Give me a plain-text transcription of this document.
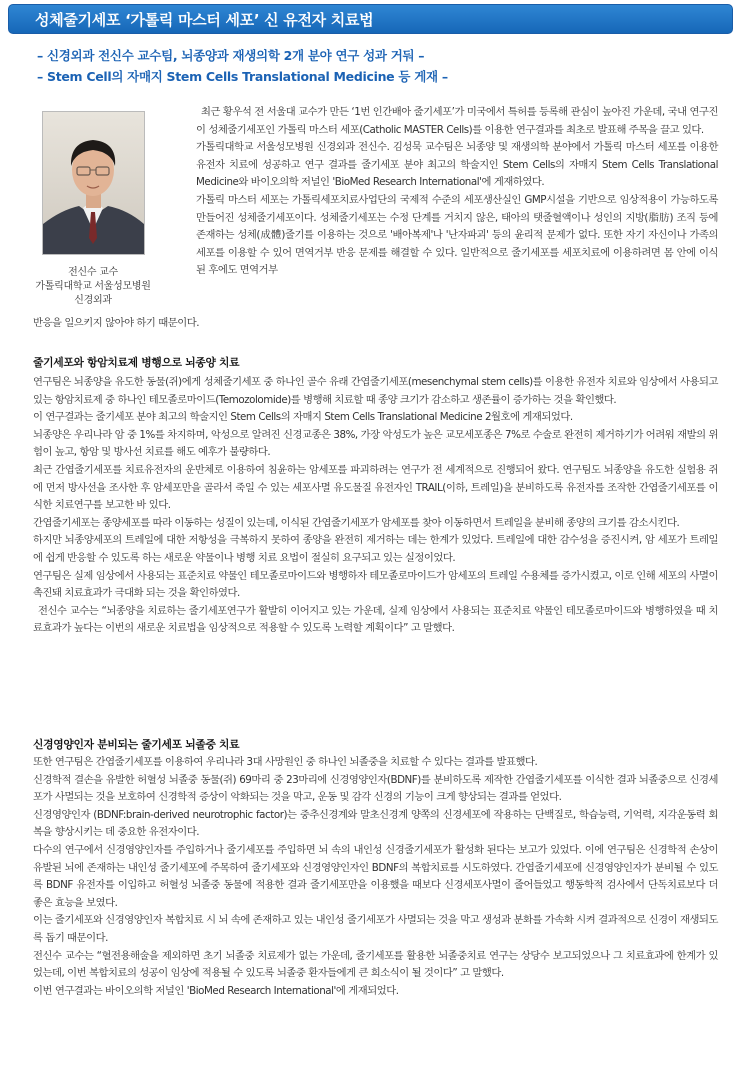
성체줄기세포 ‘가톨릭 마스터 세포’ 신 유전자 치료법
– 신경외과 전신수 교수팀, 뇌종양과 재생의학 2개 분야 연구 성과 거둬 –
– Stem Cell의 자매지 Stem Cells Translational Medicine 등 게재 –
전신수 교수
가톨릭대학교 서울성모병원
신경외과

최근 황우석 전 서울대 교수가 만든 ‘1번 인간배아 줄기세포’가 미국에서 특허를 등록해 관심이 높아진 가운데, 국내 연구진이 성체줄기세포인 가톨릭 마스터 세포(Catholic MASTER Cells)를 이용한 연구결과를 최초로 발표해 주목을 끌고 있다.

가톨릭대학교 서울성모병원 신경외과 전신수. 김성묵 교수팀은 뇌종양 및 재생의학 분야에서 가톨릭 마스터 세포를 이용한 유전자 치료에 성공하고 연구 결과를 줄기세포 분야 최고의 학술지인 Stem Cells의 자매지 Stem Cells Translational Medicine와 바이오의학 저널인 'BioMed Research International'에 게재하였다.

가톨릭 마스터 세포는 가톨릭세포치료사업단의 국제적 수준의 세포생산실인 GMP시설을 기반으로 임상적용이 가능하도록 만들어진 성체줄기세포이다. 성체줄기세포는 수정 단계를 거치지 않은, 태아의 탯줄혈액이나 성인의 지방(脂肪) 조직 등에 존재하는 성체(成體)줄기를 이용하는 것으로 '배아복제'나 '난자파괴' 등의 윤리적 문제가 없다. 또한 자기 자신이나 가족의 세포를 이용할 수 있어 면역거부 반응 문제를 해결할 수 있다. 일반적으로 줄기세포를 세포치료에 이용하려면 몸 안에 이식된 후에도 면역거부

반응을 일으키지 않아야 하기 때문이다.

줄기세포와 항암치료제 병행으로 뇌종양 치료

연구팀은 뇌종양을 유도한 동물(쥐)에게 성체줄기세포 중 하나인 골수 유래 간엽줄기세포(mesenchymal stem cells)를 이용한 유전자 치료와 임상에서 사용되고 있는 항암치료제 중 하나인 테모졸로마이드(Temozolomide)를 병행해 치료할 때 종양 크기가 감소하고 생존률이 증가하는 것을 확인했다.

이 연구결과는 줄기세포 분야 최고의 학술지인 Stem Cells의 자매지 Stem Cells Translational Medicine 2월호에 게재되었다.

뇌종양은 우리나라 암 중 1%를 차지하며, 악성으로 알려진 신경교종은 38%, 가장 악성도가 높은 교모세포종은 7%로 수술로 완전히 제거하기가 어려워 재발의 위험이 높고, 항암 및 방사선 치료를 해도 예후가 불량하다.

최근 간엽줄기세포를 치료유전자의 운반체로 이용하여 침윤하는 암세포를 파괴하려는 연구가 전 세계적으로 진행되어 왔다. 연구팀도 뇌종양을 유도한 실험용 쥐에 먼저 방사선을 조사한 후 암세포만을 골라서 죽일 수 있는 세포사멸 유도물질 유전자인 TRAIL(이하, 트레일)을 분비하도록 유전자를 조작한 간엽줄기세포를 이식한 치료연구를 보고한 바 있다.

간엽줄기세포는 종양세포를 따라 이동하는 성질이 있는데, 이식된 간엽줄기세포가 암세포를 찾아 이동하면서 트레일을 분비해 종양의 크기를 감소시킨다.

하지만 뇌종양세포의 트레일에 대한 저항성을 극복하지 못하여 종양을 완전히 제거하는 데는 한계가 있었다. 트레일에 대한 감수성을 증진시켜, 암 세포가 트레일에 쉽게 반응할 수 있도록 하는 새로운 약물이나 병행 치료 요법이 절실히 요구되고 있는 실정이었다.

연구팀은 실제 임상에서 사용되는 표준치료 약물인 테모졸로마이드와 병행하자 테모졸로마이드가 암세포의 트레일 수용체를 증가시켰고, 이로 인해 세포의 사멸이 촉진돼 치료효과가 극대화 되는 것을 확인하였다.

전신수 교수는 “뇌종양을 치료하는 줄기세포연구가 활발히 이어지고 있는 가운데, 실제 임상에서 사용되는 표준치료 약물인 테모졸로마이드와 병행하였을 때 치료효과가 높다는 이번의 새로운 치료법을 임상적으로 적용할 수 있도록 노력할 계획이다” 고 말했다.

신경영양인자 분비되는 줄기세포 뇌졸중 치료

또한 연구팀은 간엽줄기세포를 이용하여 우리나라 3대 사망원인 중 하나인 뇌졸중을 치료할 수 있다는 결과를 발표했다.

신경학적 결손을 유발한 허혈성 뇌졸중 동물(쥐) 69마리 중 23마리에 신경영양인자(BDNF)를 분비하도록 제작한 간엽줄기세포를 이식한 결과 뇌졸중으로 신경세포가 사멸되는 것을 보호하여 신경학적 증상이 악화되는 것을 막고, 운동 및 감각 신경의 기능이 크게 향상되는 결과를 얻었다.

신경영양인자 (BDNF:brain-derived neurotrophic factor)는 중추신경계와 말초신경계 양쪽의 신경세포에 작용하는 단백질로, 학습능력, 기억력, 지각운동력 회복을 향상시키는 데 중요한 유전자이다.

다수의 연구에서 신경영양인자를 주입하거나 줄기세포를 주입하면 뇌 속의 내인성 신경줄기세포가 활성화 된다는 보고가 있었다. 이에 연구팀은 신경학적 손상이 유발된 뇌에 존재하는 내인성 줄기세포에 주목하여 줄기세포와 신경영양인자인 BDNF의 복합치료를 시도하였다. 간엽줄기세포에 신경영양인자가 분비될 수 있도록 BDNF 유전자를 이입하고 허혈성 뇌졸중 동물에 적용한 결과 줄기세포만을 이용했을 때보다 신경세포사멸이 줄어들었고 행동학적 검사에서 단독치료보다 더 좋은 효능을 보였다.

이는 줄기세포와 신경영양인자 복합치료 시 뇌 속에 존재하고 있는 내인성 줄기세포가 사멸되는 것을 막고 생성과 분화를 가속화 시켜 결과적으로 신경이 재생되도록 돕기 때문이다.

전신수 교수는 “혈전용해술을 제외하면 초기 뇌졸중 치료제가 없는 가운데, 줄기세포를 활용한 뇌졸중치료 연구는 상당수 보고되었으나 그 치료효과에 한계가 있었는데, 이번 복합치료의 성공이 임상에 적용될 수 있도록 뇌졸중 환자들에게 큰 희소식이 될 것이다” 고 말했다.

이번 연구결과는 바이오의학 저널인 'BioMed Research International'에 게재되었다.
